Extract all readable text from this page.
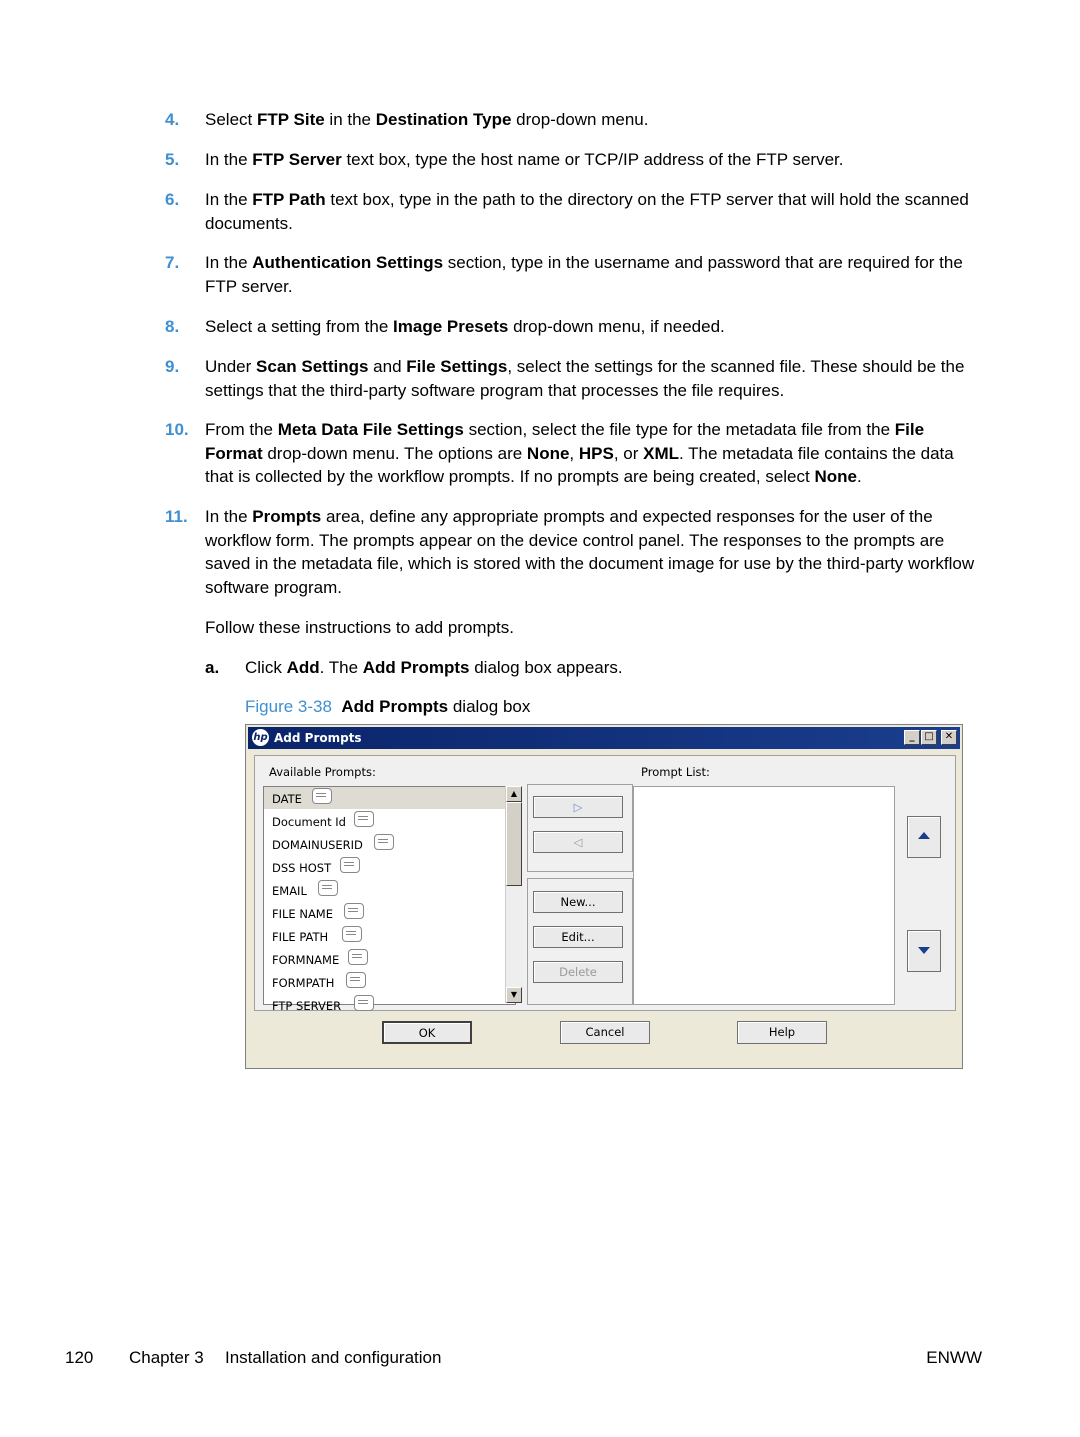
4.	Select FTP Site in the Destination Type drop-down menu.
5.	In the FTP Server text box, type the host name or TCP/IP address of the FTP server.
6.	In the FTP Path text box, type in the path to the directory on the FTP server that will hold the scanned documents.
7.	In the Authentication Settings section, type in the username and password that are required for the FTP server.
8.	Select a setting from the Image Presets drop-down menu, if needed.
9.	Under Scan Settings and File Settings, select the settings for the scanned file. These should be the settings that the third-party software program that processes the file requires.
10. From the Meta Data File Settings section, select the file type for the metadata file from the File Format drop-down menu. The options are None, HPS, or XML. The metadata file contains the data that is collected by the workflow prompts. If no prompts are being created, select None.
11.	In the Prompts area, define any appropriate prompts and expected responses for the user of the workflow form. The prompts appear on the device control panel. The responses to the prompts are saved in the metadata file, which is stored with the document image for use by the third-party workflow software program.
Follow these instructions to add prompts.
a. Click Add. The Add Prompts dialog box appears.
Figure 3-38 Add Prompts dialog box
hp Add Prompts	_ □	✕
Available Prompts:	Prompt List:
DATE
Document Id
DOMAINUSERID
DSS HOST
EMAIL
FILE NAME
FILE PATH
FORMNAME
FORMPATH
FTP SERVER
▲
▼
▷
◁
New...
Edit...
Delete
OK	Cancel	Help
120 Chapter 3 Installation and configuration	ENWW
